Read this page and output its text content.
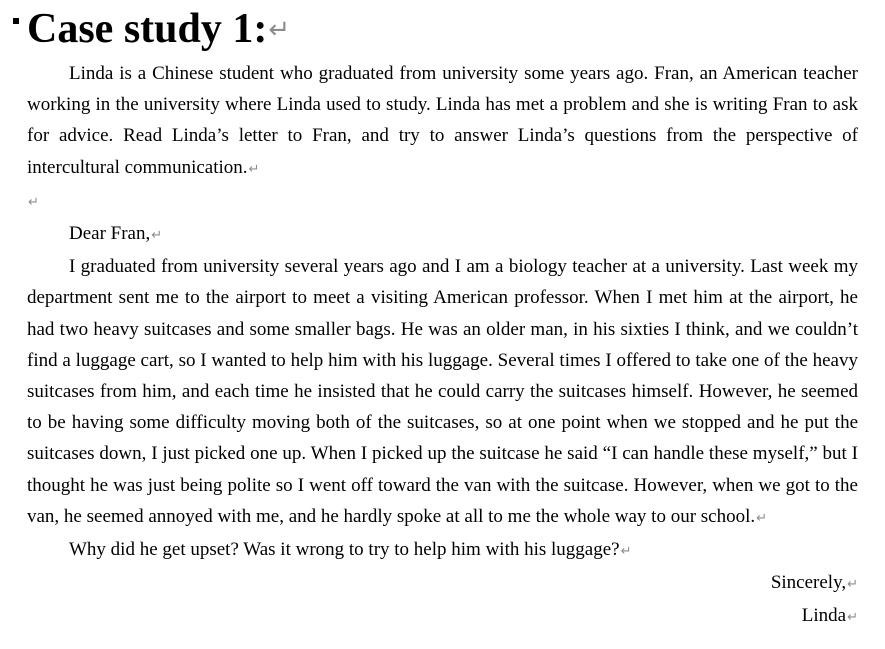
Case study 1:↵

Linda is a Chinese student who graduated from university some years ago. Fran, an American teacher working in the university where Linda used to study. Linda has met a problem and she is writing Fran to ask for advice. Read Linda’s letter to Fran, and try to answer Linda’s questions from the perspective of intercultural communication.↵

↵

Dear Fran,↵

I graduated from university several years ago and I am a biology teacher at a university. Last week my department sent me to the airport to meet a visiting American professor. When I met him at the airport, he had two heavy suitcases and some smaller bags. He was an older man, in his sixties I think, and we couldn’t find a luggage cart, so I wanted to help him with his luggage. Several times I offered to take one of the heavy suitcases from him, and each time he insisted that he could carry the suitcases himself. However, he seemed to be having some difficulty moving both of the suitcases, so at one point when we stopped and he put the suitcases down, I just picked one up. When I picked up the suitcase he said “I can handle these myself,” but I thought he was just being polite so I went off toward the van with the suitcase. However, when we got to the van, he seemed annoyed with me, and he hardly spoke at all to me the whole way to our school.↵

Why did he get upset? Was it wrong to try to help him with his luggage?↵

Sincerely,↵

Linda↵
